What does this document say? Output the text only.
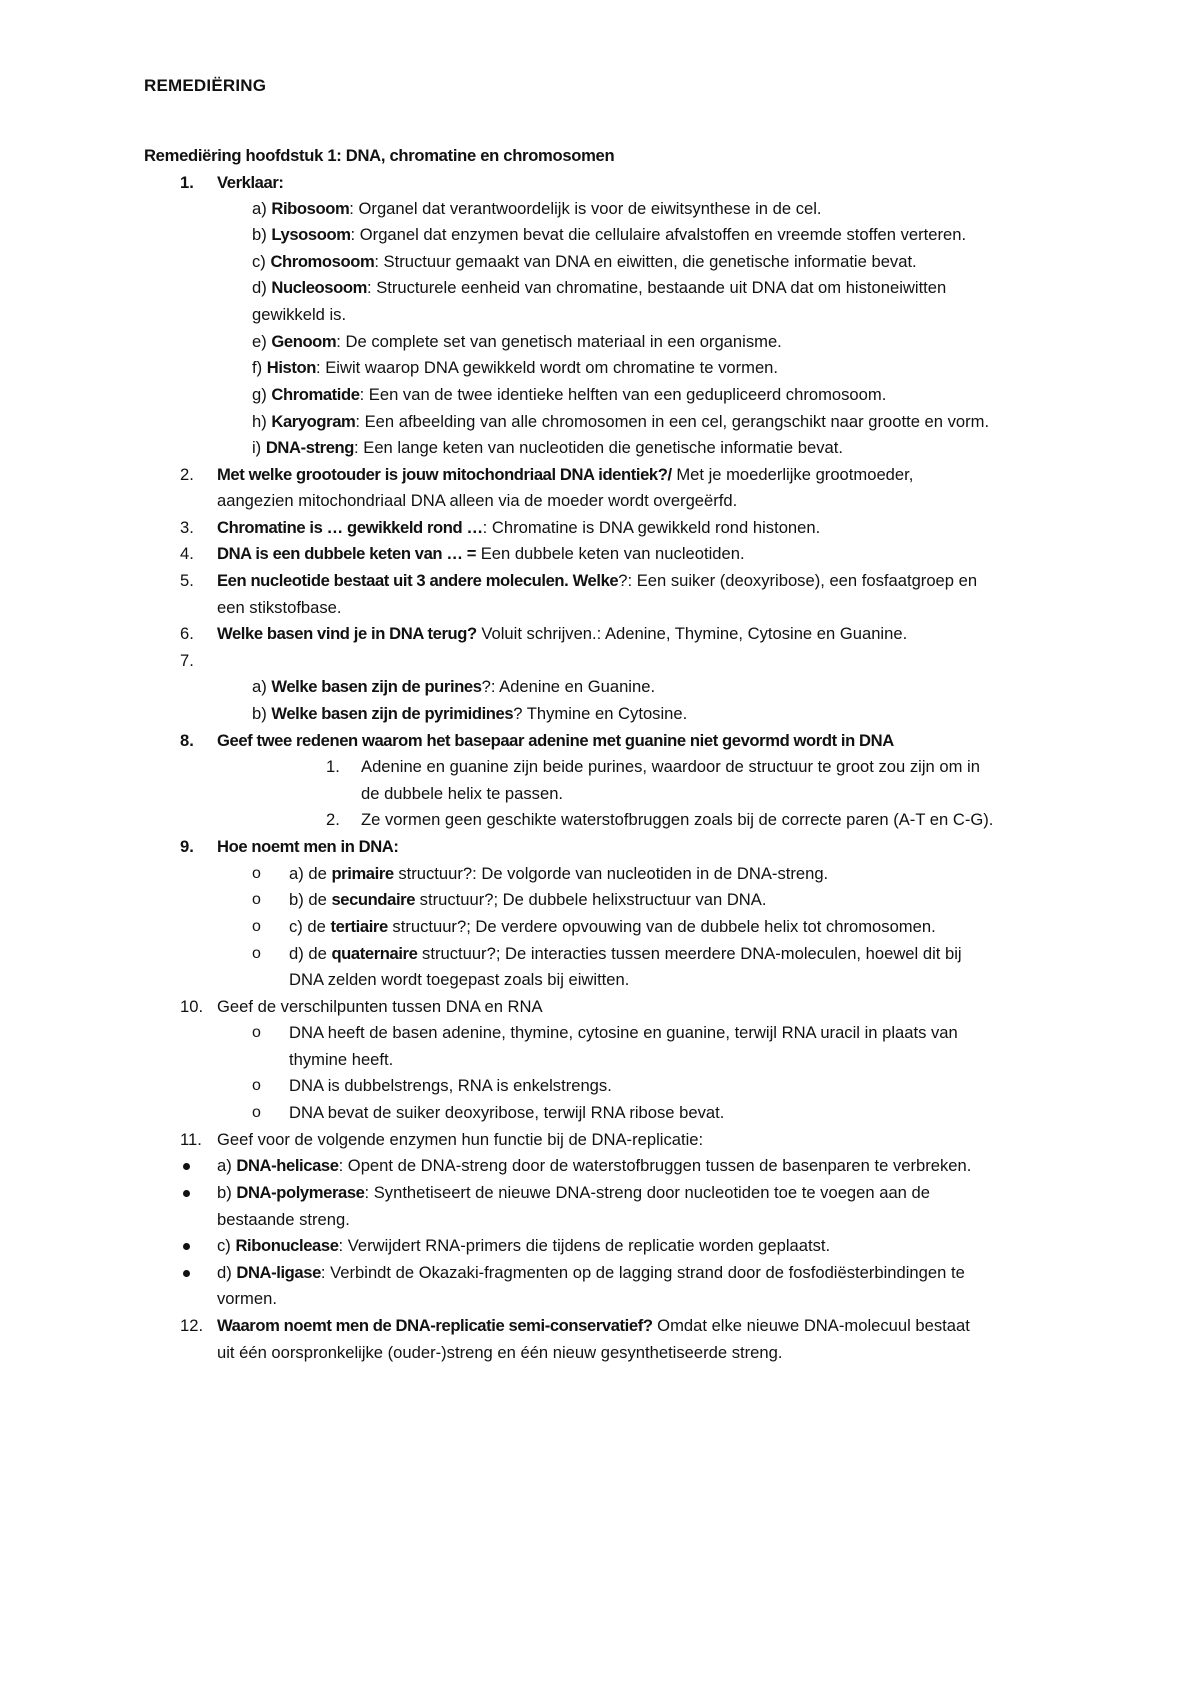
REMEDIËRING
Remediëring hoofdstuk 1: DNA, chromatine en chromosomen
1. Verklaar:
a) Ribosoom: Organel dat verantwoordelijk is voor de eiwitsynthese in de cel.
b) Lysosoom: Organel dat enzymen bevat die cellulaire afvalstoffen en vreemde stoffen verteren.
c) Chromosoom: Structuur gemaakt van DNA en eiwitten, die genetische informatie bevat.
d) Nucleosoom: Structurele eenheid van chromatine, bestaande uit DNA dat om histoneiwitten
gewikkeld is.
e) Genoom: De complete set van genetisch materiaal in een organisme.
f) Histon: Eiwit waarop DNA gewikkeld wordt om chromatine te vormen.
g) Chromatide: Een van de twee identieke helften van een gedupliceerd chromosoom.
h) Karyogram: Een afbeelding van alle chromosomen in een cel, gerangschikt naar grootte en vorm.
i) DNA-streng: Een lange keten van nucleotiden die genetische informatie bevat.
2. Met welke grootouder is jouw mitochondriaal DNA identiek?/ Met je moederlijke grootmoeder,
aangezien mitochondriaal DNA alleen via de moeder wordt overgeërfd.
3. Chromatine is … gewikkeld rond …: Chromatine is DNA gewikkeld rond histonen.
4. DNA is een dubbele keten van … = Een dubbele keten van nucleotiden.
5. Een nucleotide bestaat uit 3 andere moleculen. Welke?: Een suiker (deoxyribose), een fosfaatgroep en
een stikstofbase.
6. Welke basen vind je in DNA terug? Voluit schrijven.: Adenine, Thymine, Cytosine en Guanine.
7.
a) Welke basen zijn de purines?: Adenine en Guanine.
b) Welke basen zijn de pyrimidines? Thymine en Cytosine.
8. Geef twee redenen waarom het basepaar adenine met guanine niet gevormd wordt in DNA
1. Adenine en guanine zijn beide purines, waardoor de structuur te groot zou zijn om in
de dubbele helix te passen.
2. Ze vormen geen geschikte waterstofbruggen zoals bij de correcte paren (A-T en C-G).
9. Hoe noemt men in DNA:
o a) de primaire structuur?: De volgorde van nucleotiden in de DNA-streng.
o b) de secundaire structuur?; De dubbele helixstructuur van DNA.
o c) de tertiaire structuur?; De verdere opvouwing van de dubbele helix tot chromosomen.
o d) de quaternaire structuur?; De interacties tussen meerdere DNA-moleculen, hoewel dit bij
DNA zelden wordt toegepast zoals bij eiwitten.
10. Geef de verschilpunten tussen DNA en RNA
o DNA heeft de basen adenine, thymine, cytosine en guanine, terwijl RNA uracil in plaats van
thymine heeft.
o DNA is dubbelstrengs, RNA is enkelstrengs.
o DNA bevat de suiker deoxyribose, terwijl RNA ribose bevat.
11. Geef voor de volgende enzymen hun functie bij de DNA-replicatie:
a) DNA-helicase: Opent de DNA-streng door de waterstofbruggen tussen de basenparen te verbreken.
b) DNA-polymerase: Synthetiseert de nieuwe DNA-streng door nucleotiden toe te voegen aan de
bestaande streng.
c) Ribonuclease: Verwijdert RNA-primers die tijdens de replicatie worden geplaatst.
d) DNA-ligase: Verbindt de Okazaki-fragmenten op de lagging strand door de fosfodiësterbindingen te
vormen.
12. Waarom noemt men de DNA-replicatie semi-conservatief? Omdat elke nieuwe DNA-molecuul bestaat
uit één oorspronkelijke (ouder-)streng en één nieuw gesynthetiseerde streng.
